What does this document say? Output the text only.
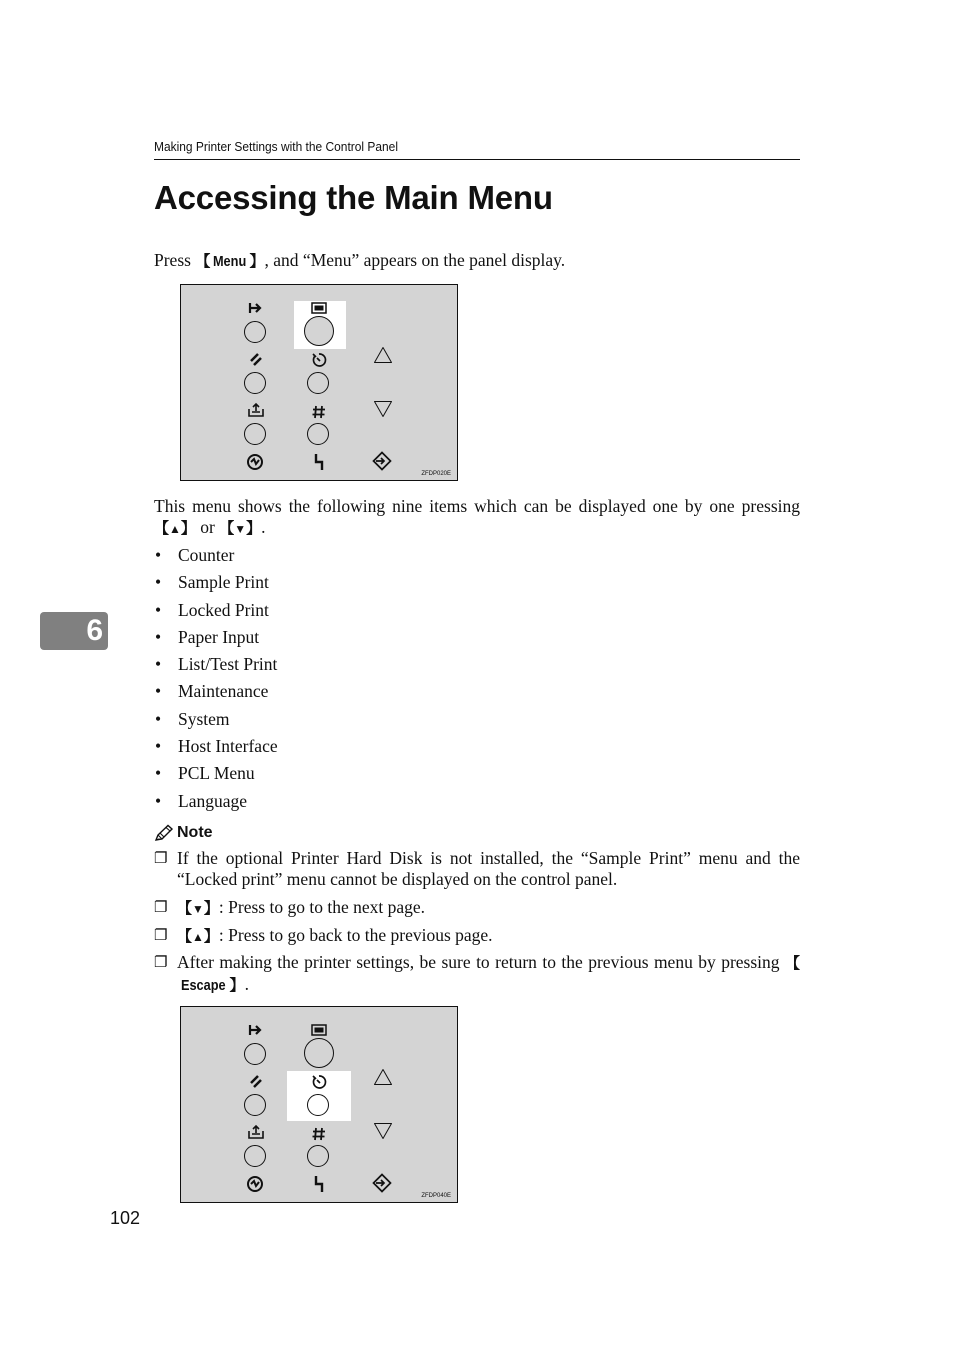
Making Printer Settings with the Control Panel
Accessing the Main Menu
Press 【 Menu 】, and “Menu” appears on the panel display.
ZFDP020E
This menu shows the following nine items which can be displayed one by one pressing 【▲】 or 【▼】.
• Counter
• Sample Print
• Locked Print
• Paper Input
• List/Test Print
• Maintenance
• System
• Host Interface
• PCL Menu
• Language
Note
❐ If the optional Printer Hard Disk is not installed, the “Sample Print” menu and the “Locked print” menu cannot be displayed on the control panel.
❐ 【▼】: Press to go to the next page.
❐ 【▲】: Press to go back to the previous page.
❐ After making the printer settings, be sure to return to the previous menu by pressing 【Escape 】.
ZFDP040E
6
102
